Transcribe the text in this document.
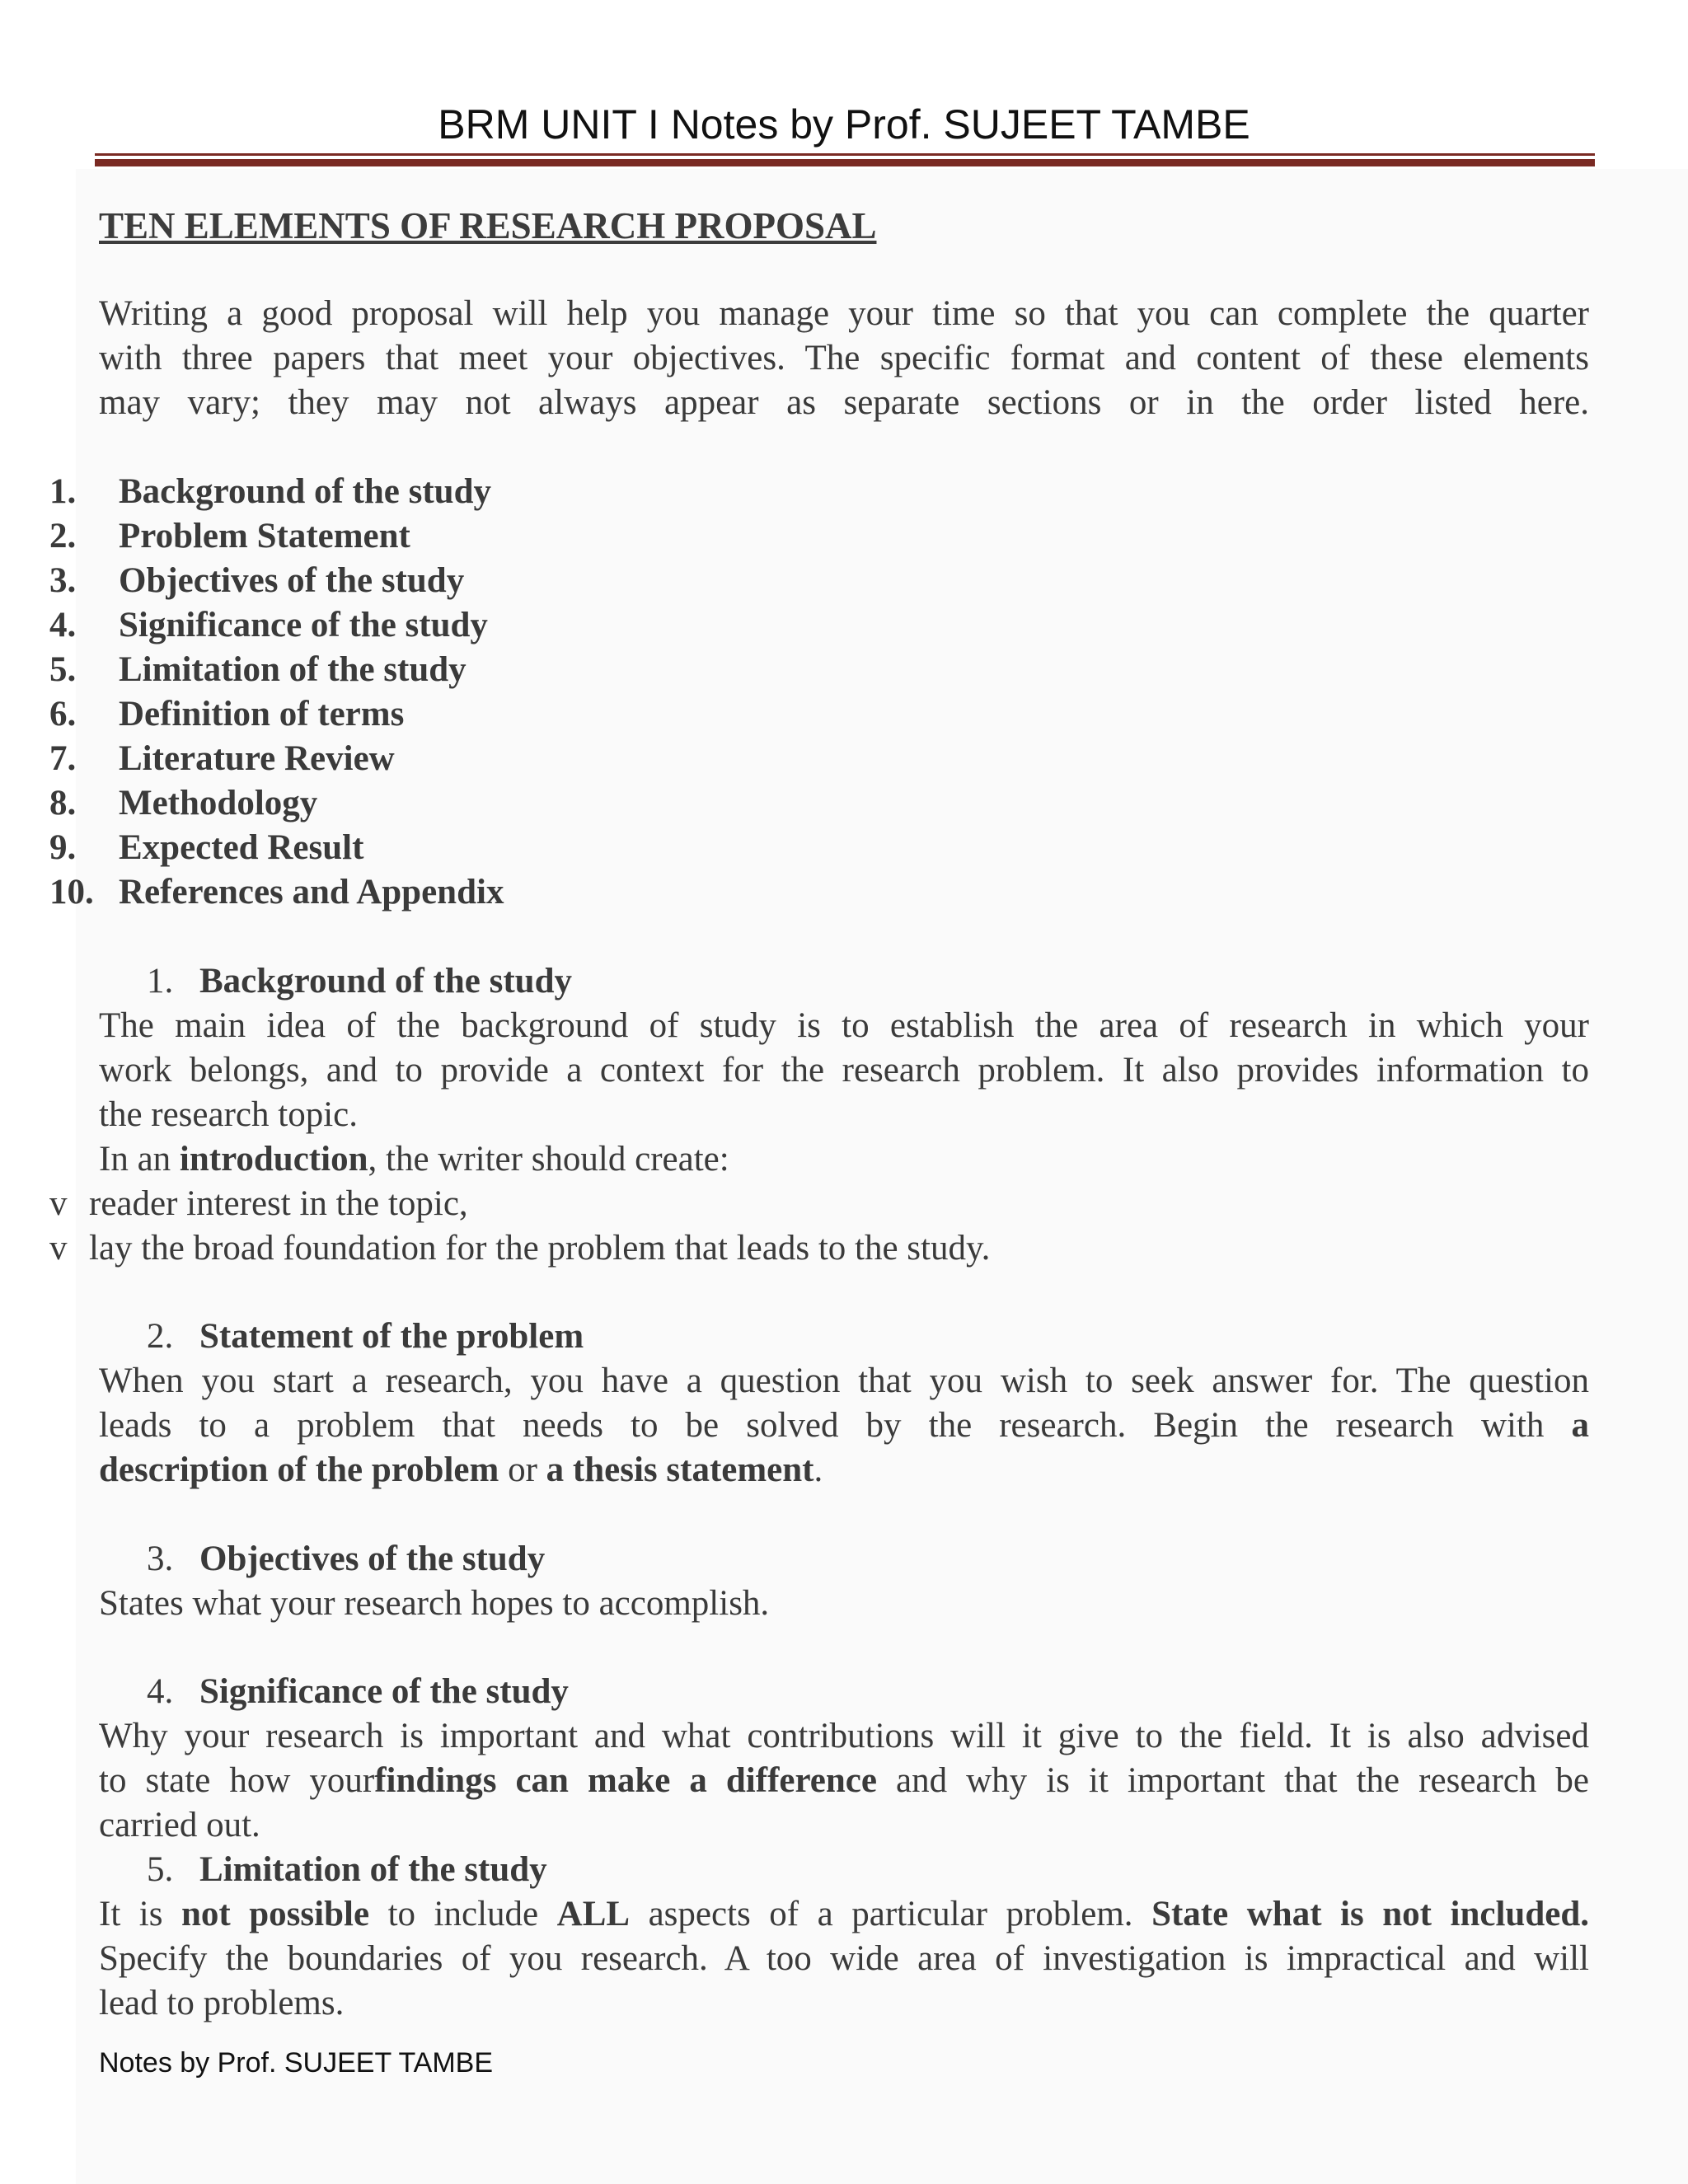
BRM UNIT I Notes by Prof. SUJEET TAMBE
TEN ELEMENTS OF RESEARCH PROPOSAL
Writing a good proposal will help you manage your time so that you can complete the quarter
with three papers that meet your objectives. The specific format and content of these elements
may vary; they may not always appear as separate sections or in the order listed here.
1.	Background of the study
2.	Problem Statement
3.	Objectives of the study
4.	Significance of the study
5.	Limitation of the study
6.	Definition of terms
7.	Literature Review
8.	Methodology
9.	Expected Result
10. References and Appendix
1. Background of the study
The main idea of the background of study is to establish the area of research in which your
work belongs, and to provide a context for the research problem. It also provides information to
the research topic.
In an introduction, the writer should create:
v reader interest in the topic,
v lay the broad foundation for the problem that leads to the study.
2. Statement of the problem
When you start a research, you have a question that you wish to seek answer for. The question
leads to a problem that needs to be solved by the research. Begin the research with a
description of the problem or a thesis statement.
3. Objectives of the study
States what your research hopes to accomplish.
4. Significance of the study
Why your research is important and what contributions will it give to the field. It is also advised
to state how yourfindings can make a difference and why is it important that the research be
carried out.
5. Limitation of the study
It is not possible to include ALL aspects of a particular problem. State what is not included.
Specify the boundaries of you research. A too wide area of investigation is impractical and will
lead to problems.
Notes by Prof. SUJEET TAMBE
